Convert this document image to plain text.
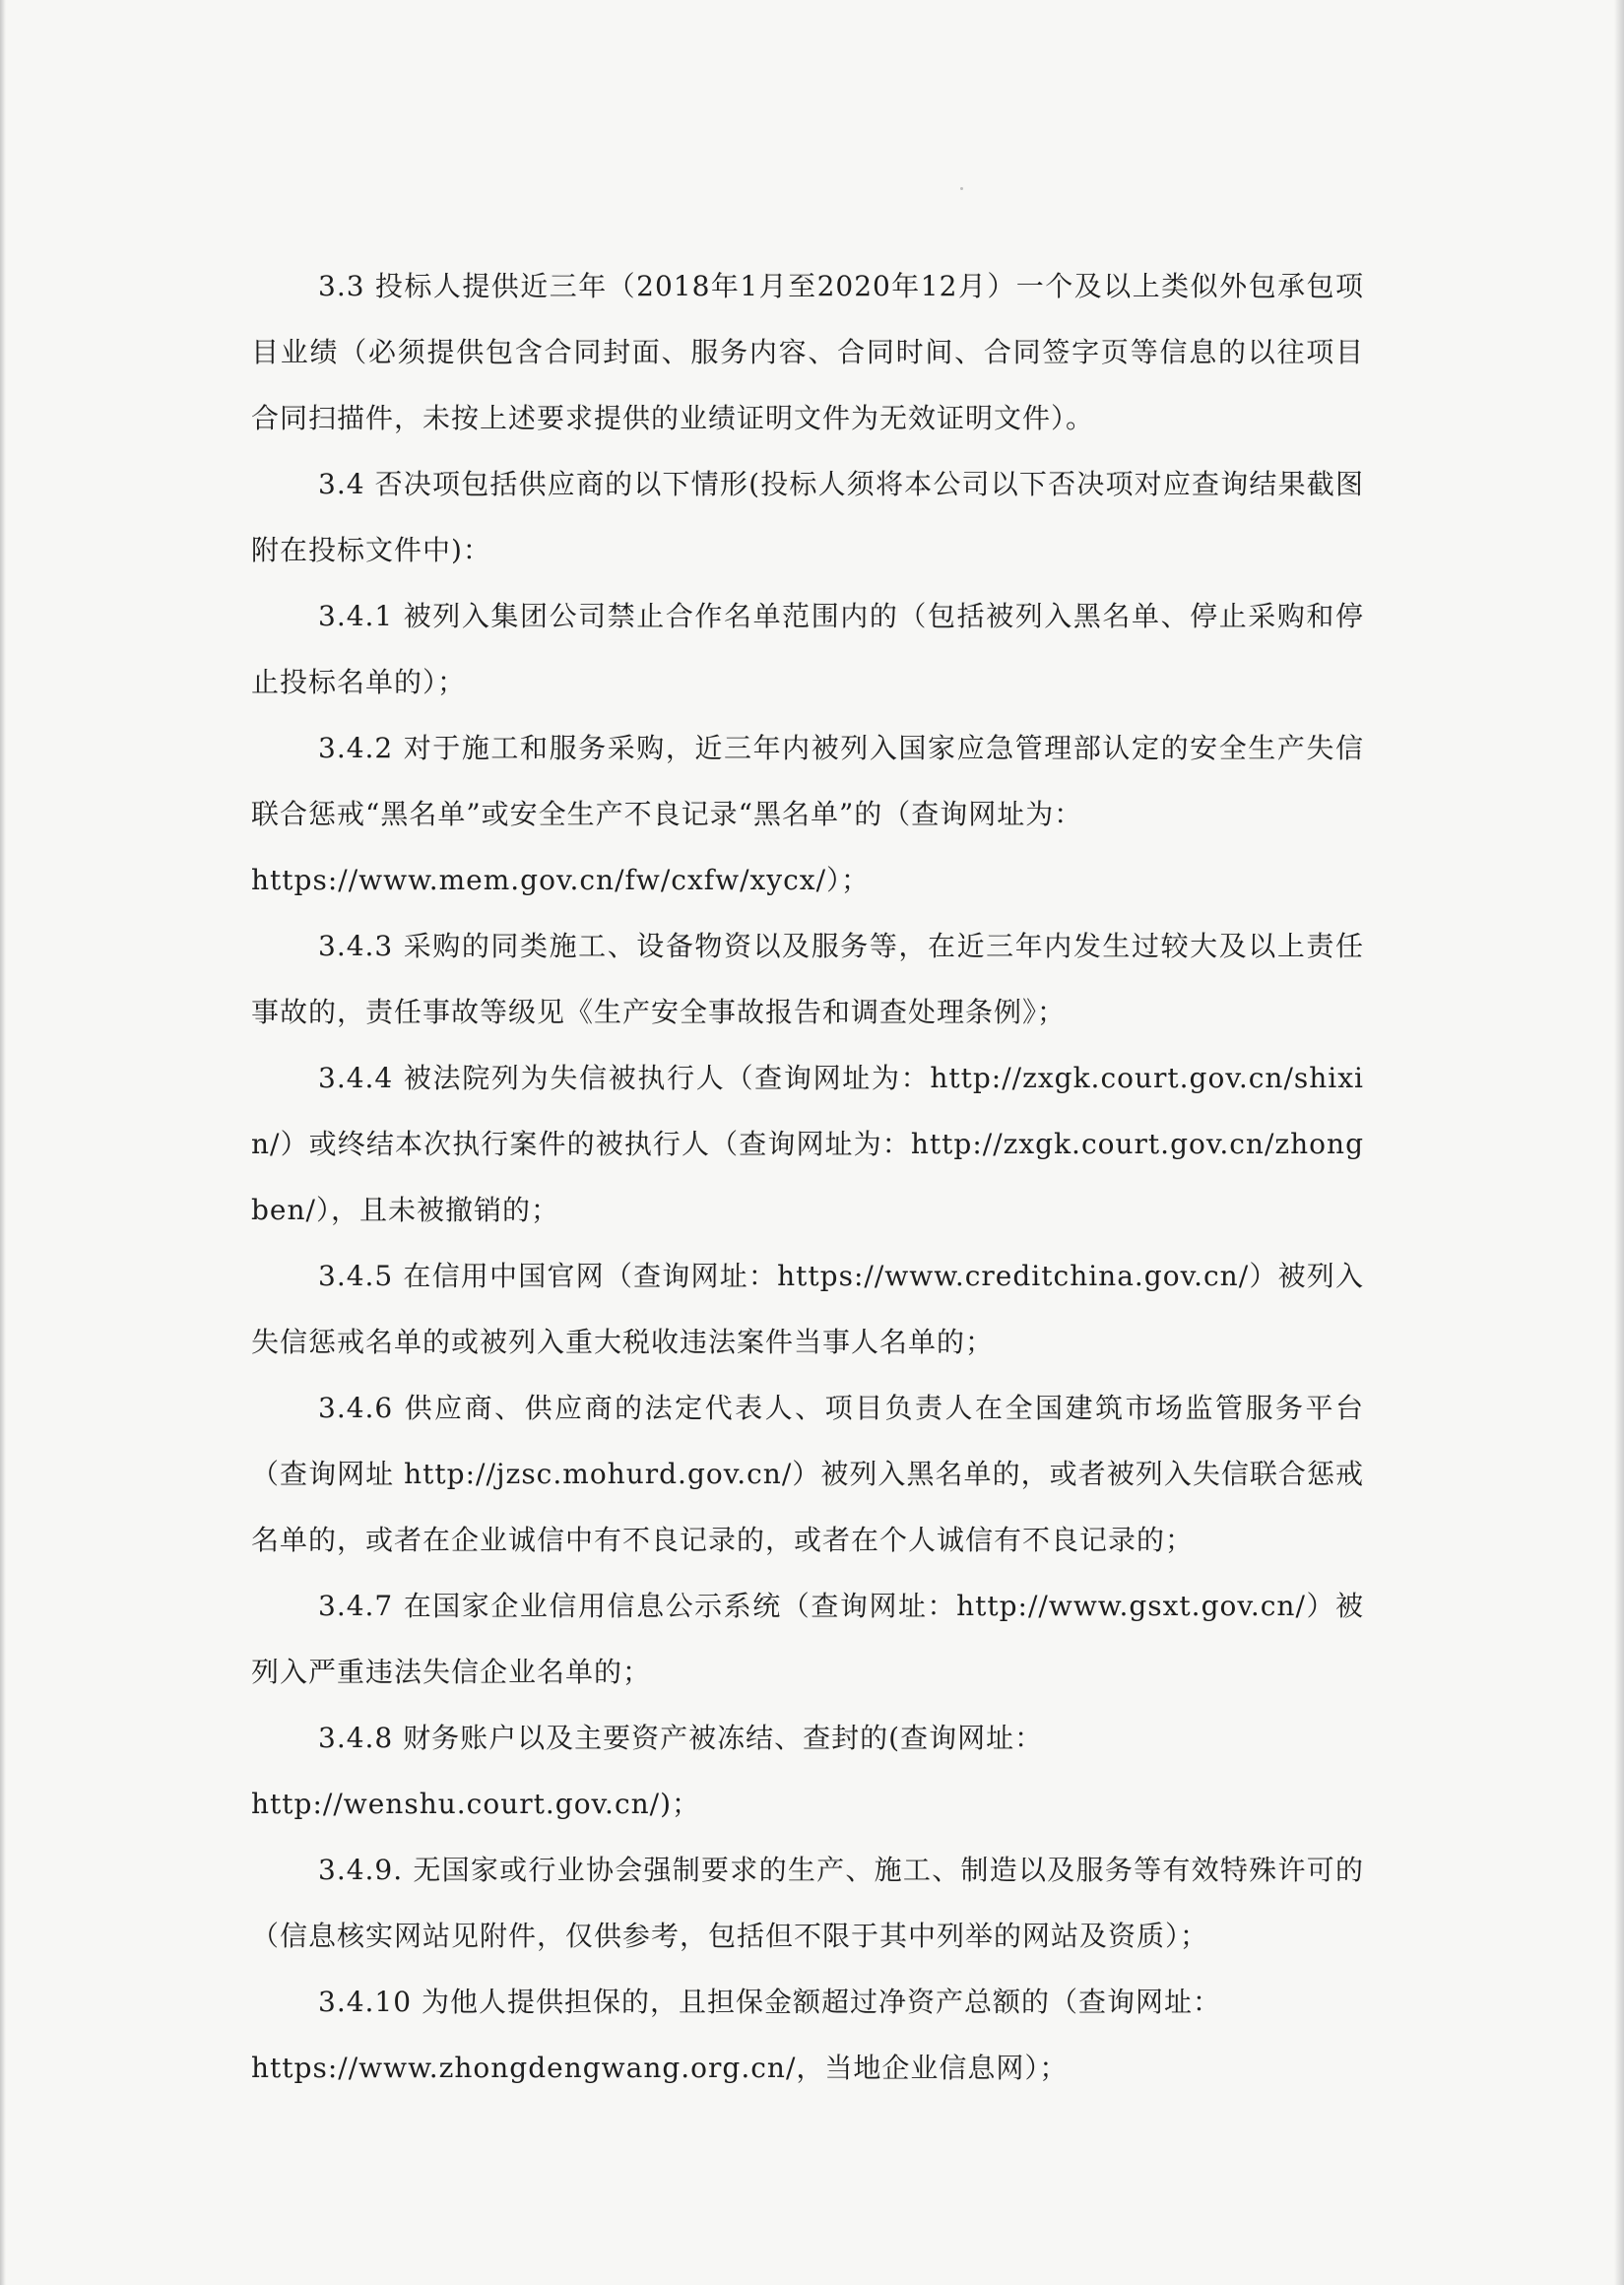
3.3 投标人提供近三年（2018年1月至2020年12月）一个及以上类似外包承包项目业绩（必须提供包含合同封面、服务内容、合同时间、合同签字页等信息的以往项目合同扫描件，未按上述要求提供的业绩证明文件为无效证明文件）。

3.4 否决项包括供应商的以下情形(投标人须将本公司以下否决项对应查询结果截图附在投标文件中)：

3.4.1 被列入集团公司禁止合作名单范围内的（包括被列入黑名单、停止采购和停止投标名单的）；

3.4.2 对于施工和服务采购，近三年内被列入国家应急管理部认定的安全生产失信联合惩戒“黑名单”或安全生产不良记录“黑名单”的（查询网址为：

https://www.mem.gov.cn/fw/cxfw/xycx/）；

3.4.3 采购的同类施工、设备物资以及服务等，在近三年内发生过较大及以上责任事故的，责任事故等级见《生产安全事故报告和调查处理条例》；

3.4.4 被法院列为失信被执行人（查询网址为：http://zxgk.court.gov.cn/shixin/）或终结本次执行案件的被执行人（查询网址为：http://zxgk.court.gov.cn/zhongben/），且未被撤销的；

3.4.5 在信用中国官网（查询网址：https://www.creditchina.gov.cn/）被列入失信惩戒名单的或被列入重大税收违法案件当事人名单的；

3.4.6 供应商、供应商的法定代表人、项目负责人在全国建筑市场监管服务平台（查询网址 http://jzsc.mohurd.gov.cn/）被列入黑名单的，或者被列入失信联合惩戒名单的，或者在企业诚信中有不良记录的，或者在个人诚信有不良记录的；

3.4.7 在国家企业信用信息公示系统（查询网址：http://www.gsxt.gov.cn/）被列入严重违法失信企业名单的；

3.4.8 财务账户以及主要资产被冻结、查封的(查询网址：

http://wenshu.court.gov.cn/)；

3.4.9. 无国家或行业协会强制要求的生产、施工、制造以及服务等有效特殊许可的（信息核实网站见附件，仅供参考，包括但不限于其中列举的网站及资质）；

3.4.10 为他人提供担保的，且担保金额超过净资产总额的（查询网址：

https://www.zhongdengwang.org.cn/，当地企业信息网）；
